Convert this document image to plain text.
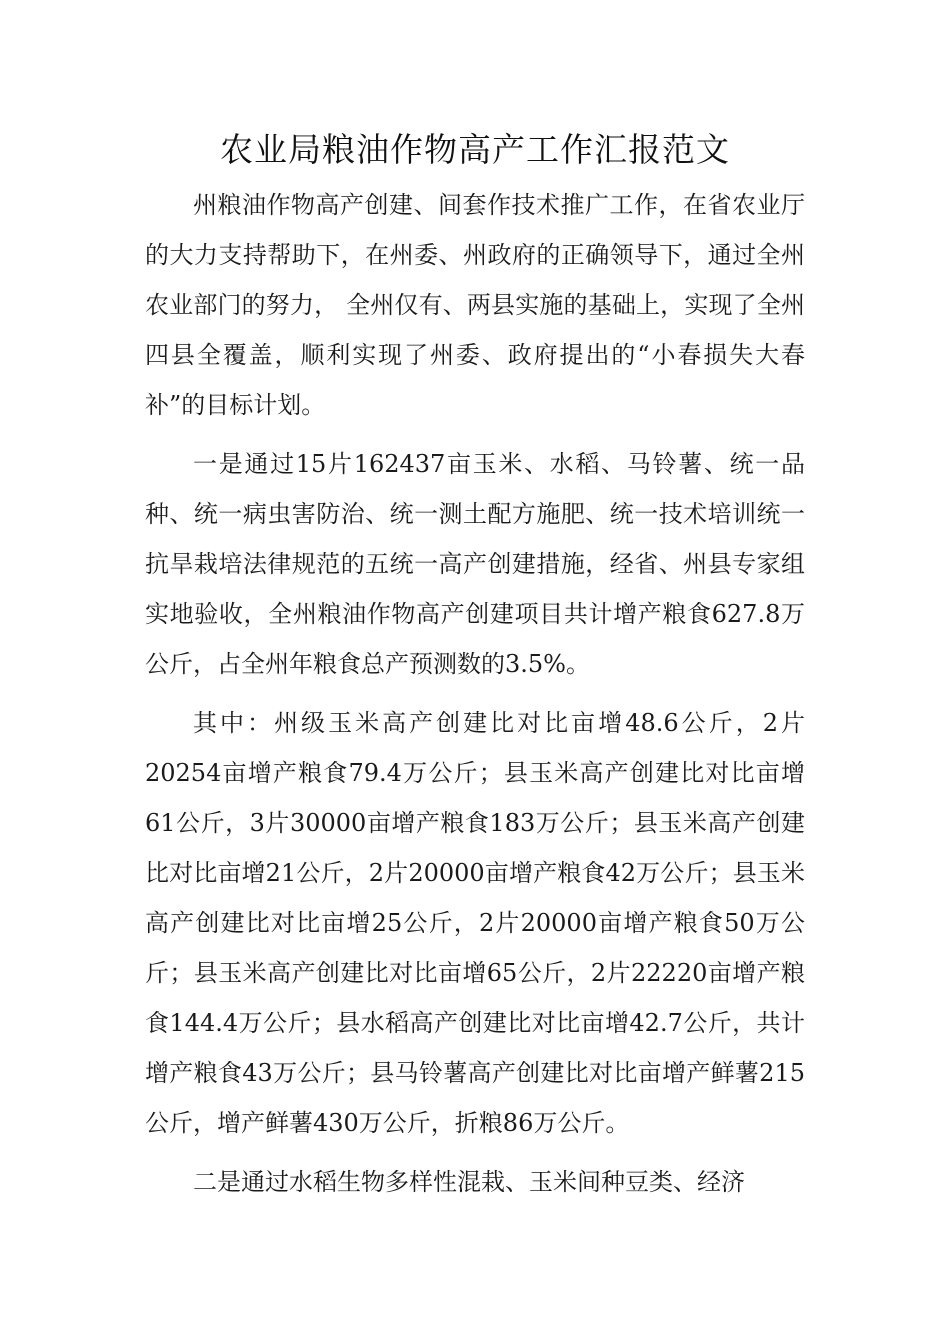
农业局粮油作物高产工作汇报范文

州粮油作物高产创建、间套作技术推广工作，在省农业厅的大力支持帮助下，在州委、州政府的正确领导下，通过全州农业部门的努力， 全州仅有、两县实施的基础上，实现了全州四县全覆盖，顺利实现了州委、政府提出的“小春损失大春补”的目标计划。

一是通过15片162437亩玉米、水稻、马铃薯、统一品种、统一病虫害防治、统一测土配方施肥、统一技术培训统一抗旱栽培法律规范的五统一高产创建措施，经省、州县专家组实地验收，全州粮油作物高产创建项目共计增产粮食627.8万公斤，占全州年粮食总产预测数的3.5%。

其中：州级玉米高产创建比对比亩增48.6公斤，2片20254亩增产粮食79.4万公斤；县玉米高产创建比对比亩增61公斤，3片30000亩增产粮食183万公斤；县玉米高产创建比对比亩增21公斤，2片20000亩增产粮食42万公斤；县玉米高产创建比对比亩增25公斤，2片20000亩增产粮食50万公斤；县玉米高产创建比对比亩增65公斤，2片22220亩增产粮食144.4万公斤；县水稻高产创建比对比亩增42.7公斤，共计增产粮食43万公斤；县马铃薯高产创建比对比亩增产鲜薯215公斤，增产鲜薯430万公斤，折粮86万公斤。

二是通过水稻生物多样性混栽、玉米间种豆类、经济
